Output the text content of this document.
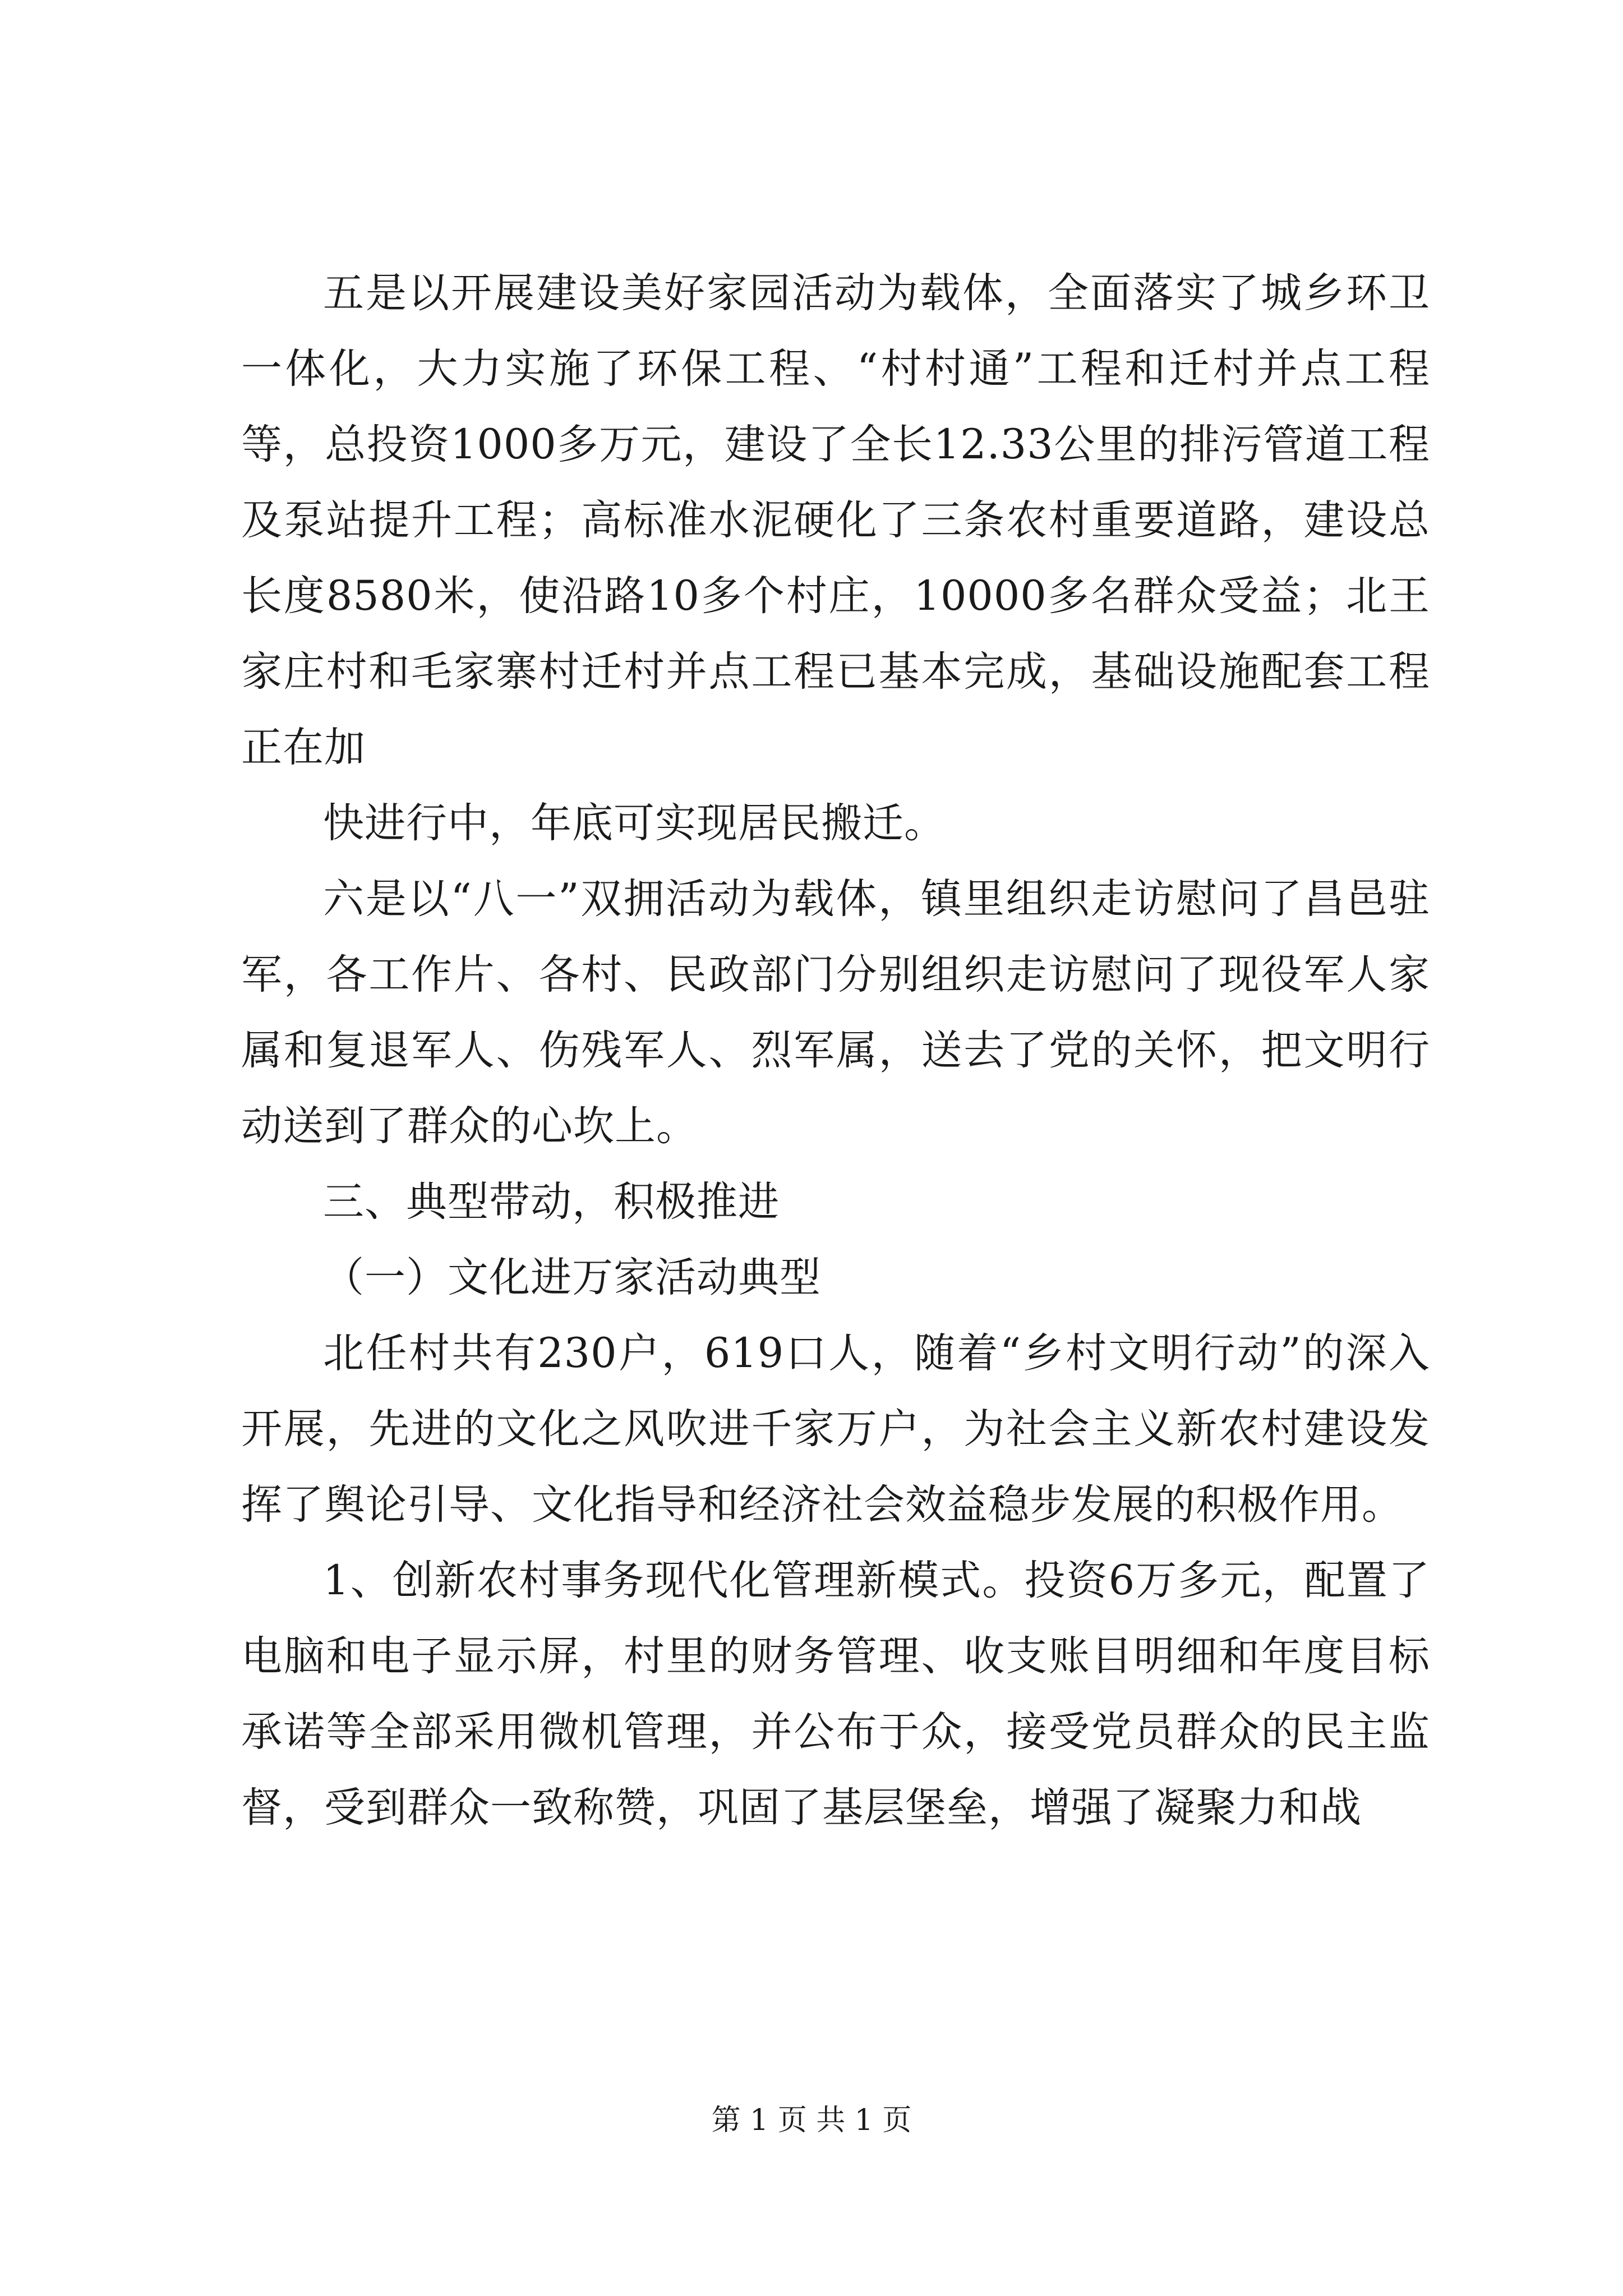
五是以开展建设美好家园活动为载体，全面落实了城乡环卫一体化，大力实施了环保工程、“村村通”工程和迁村并点工程等，总投资1000多万元，建设了全长12.33公里的排污管道工程及泵站提升工程；高标准水泥硬化了三条农村重要道路，建设总长度8580米，使沿路10多个村庄，10000多名群众受益；北王家庄村和毛家寨村迁村并点工程已基本完成，基础设施配套工程正在加

快进行中，年底可实现居民搬迁。

六是以“八一”双拥活动为载体，镇里组织走访慰问了昌邑驻军，各工作片、各村、民政部门分别组织走访慰问了现役军人家属和复退军人、伤残军人、烈军属，送去了党的关怀，把文明行动送到了群众的心坎上。

三、典型带动，积极推进

（一）文化进万家活动典型

北任村共有230户，619口人，随着“乡村文明行动”的深入开展，先进的文化之风吹进千家万户，为社会主义新农村建设发挥了舆论引导、文化指导和经济社会效益稳步发展的积极作用。

1、创新农村事务现代化管理新模式。投资6万多元，配置了电脑和电子显示屏，村里的财务管理、收支账目明细和年度目标承诺等全部采用微机管理，并公布于众，接受党员群众的民主监督，受到群众一致称赞，巩固了基层堡垒，增强了凝聚力和战

第 1 页 共 1 页
